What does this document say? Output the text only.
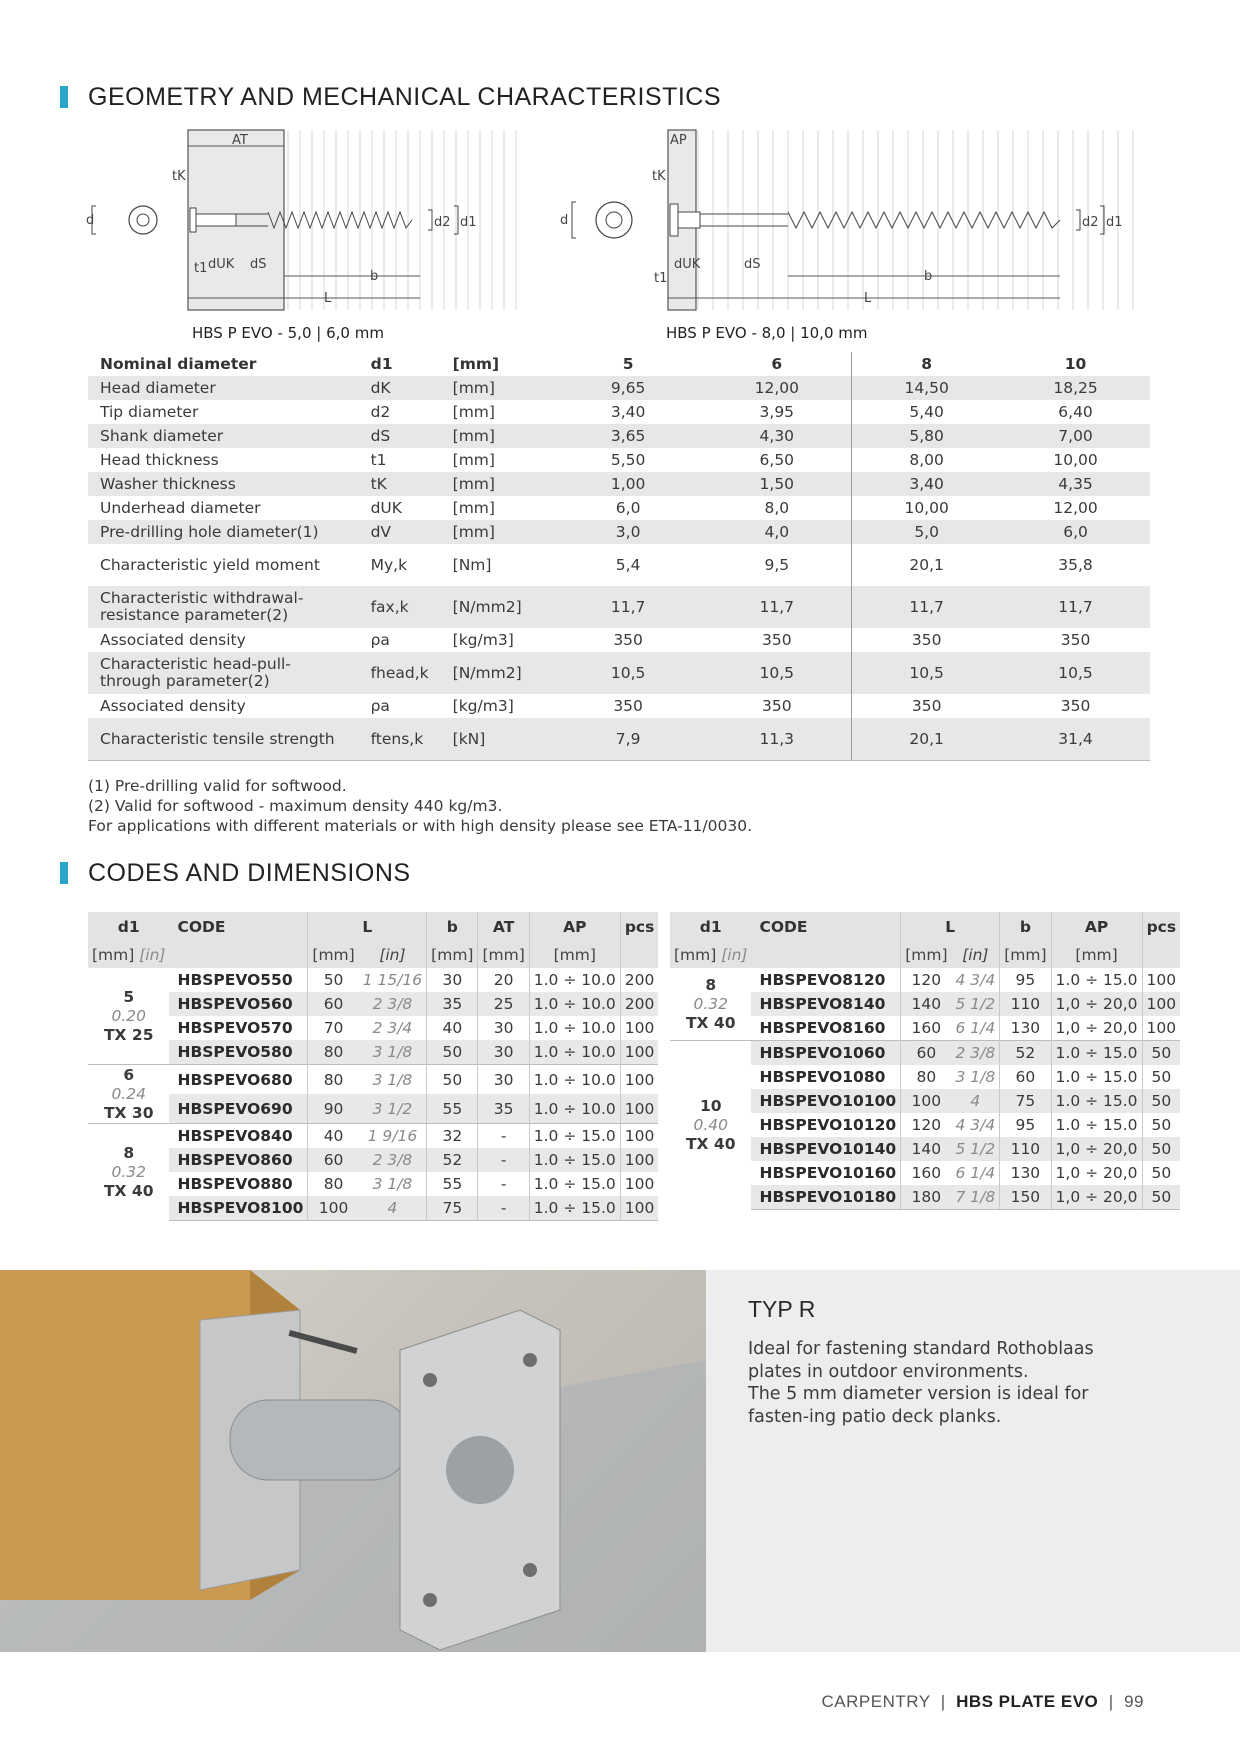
GEOMETRY AND MECHANICAL CHARACTERISTICS
d
AT
tK
t1 dUK dS
b
L
d2 d1
HBS P EVO - 5,0 | 6,0 mm
d
AP
tK
t1
dUK	dS
b
L
d2 d1
HBS P EVO - 8,0 | 10,0 mm
Nominal diameter	d1	[mm]	5	6	8	10
Head diameter	dK	[mm]	9,65	12,00	14,50	18,25
Tip diameter	d2	[mm]	3,40	3,95	5,40	6,40
Shank diameter	dS	[mm]	3,65	4,30	5,80	7,00
Head thickness	t1	[mm]	5,50	6,50	8,00	10,00
Washer thickness	tK	[mm]	1,00	1,50	3,40	4,35
Underhead diameter	dUK	[mm]	6,0	8,0	10,00	12,00
Pre-drilling hole diameter(1)	dV	[mm]	3,0	4,0	5,0	6,0
Characteristic yield moment	My,k	[Nm]	5,4	9,5	20,1	35,8
Characteristic withdrawal-resistance parameter(2)	fax,k	[N/mm2]	11,7	11,7	11,7	11,7
Associated density	ρa	[kg/m3]	350	350	350	350
Characteristic head-pull-through parameter(2)	fhead,k	[N/mm2]	10,5	10,5	10,5	10,5
Associated density	ρa	[kg/m3]	350	350	350	350
Characteristic tensile strength	ftens,k	[kN]	7,9	11,3	20,1	31,4
(1) Pre-drilling valid for softwood.
(2) Valid for softwood - maximum density 440 kg/m3.
For applications with different materials or with high density please see ETA-11/0030.
CODES AND DIMENSIONS
d1	CODE	L		b	AT	AP	pcs
[mm] [in]		[mm]	[in]	[mm]	[mm]	[mm]	

5
0.20
TX 25	HBSPEVO550	50	1 15/16	30	20	1.0 ÷ 10.0	200
	HBSPEVO560	60	2 3/8	35	25	1.0 ÷ 10.0	200
	HBSPEVO570	70	2 3/4	40	30	1.0 ÷ 10.0	100
	HBSPEVO580	80	3 1/8	50	30	1.0 ÷ 10.0	100

6
0.24
TX 30	HBSPEVO680	80	3 1/8	50	30	1.0 ÷ 10.0	100
	HBSPEVO690	90	3 1/2	55	35	1.0 ÷ 10.0	100

8
0.32
TX 40	HBSPEVO840	40	1 9/16	32	-	1.0 ÷ 15.0	100
	HBSPEVO860	60	2 3/8	52	-	1.0 ÷ 15.0	100
	HBSPEVO880	80	3 1/8	55	-	1.0 ÷ 15.0	100
	HBSPEVO8100	100	4	75	-	1.0 ÷ 15.0	100
d1	CODE	L		b	AP	pcs
[mm] [in]		[mm]	[in]	[mm]	[mm]	

8
0.32
TX 40	HBSPEVO8120	120	4 3/4	95	1.0 ÷ 15.0	100
	HBSPEVO8140	140	5 1/2	110	1,0 ÷ 20,0	100
	HBSPEVO8160	160	6 1/4	130	1,0 ÷ 20,0	100

10
0.40
TX 40	HBSPEVO1060	60	2 3/8	52	1.0 ÷ 15.0	50
	HBSPEVO1080	80	3 1/8	60	1.0 ÷ 15.0	50
	HBSPEVO10100	100	4	75	1.0 ÷ 15.0	50
	HBSPEVO10120	120	4 3/4	95	1.0 ÷ 15.0	50
	HBSPEVO10140	140	5 1/2	110	1,0 ÷ 20,0	50
	HBSPEVO10160	160	6 1/4	130	1,0 ÷ 20,0	50
	HBSPEVO10180	180	7 1/8	150	1,0 ÷ 20,0	50
TYP R

Ideal for fastening standard Rothoblaas plates in outdoor environments.
The 5 mm diameter version is ideal for fasten-ing patio deck planks.

CARPENTRY  |  HBS PLATE EVO  |  99
